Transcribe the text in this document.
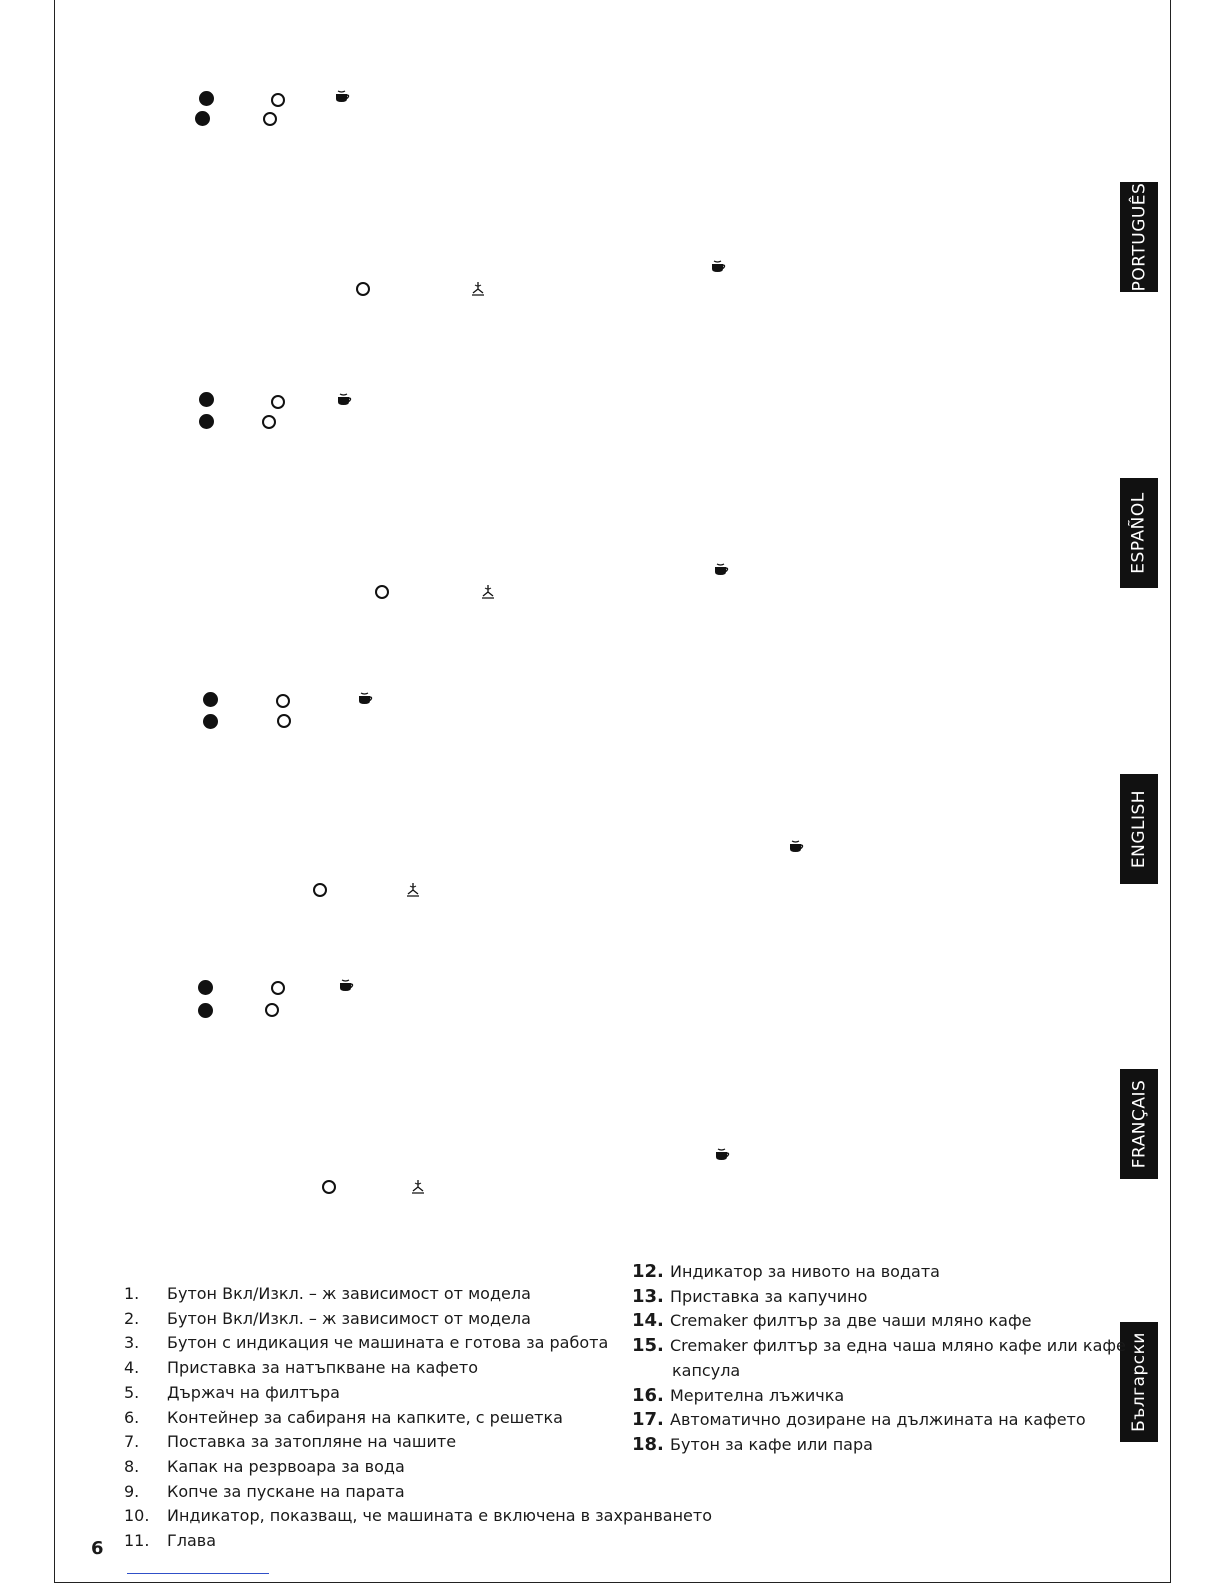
PORTUGUÊS
ESPAÑOL
ENGLISH
FRANÇAIS
Български
1.	Бутон Вкл/Изкл. – ж зависимост от модела
2.	Бутон Вкл/Изкл. – ж зависимост от модела
3.	Бутон с индикация че машината е готова за работа
4.	Приставка за натъпкване на кафето
5.	Държач на филтъра
6.	Контейнер за сабираня на капките, с решетка
7.	Поставка за затопляне на чашите
8.	Капак на резрвоара за вода
9.	Копче за пускане на парата
10.	Индикатор, показващ, че машината е включена в захранването
11.	Глава
12. Индикатор за нивото на водата
13. Приставка за капучино
14. Cremaker филтър за две чаши мляно кафе
15. Cremaker филтър за една чаша мляно кафе или кафе
капсула
16. Мерителна лъжичка
17. Автоматично дозиране на дължината на кафето
18. Бутон за кафе или пара
6
